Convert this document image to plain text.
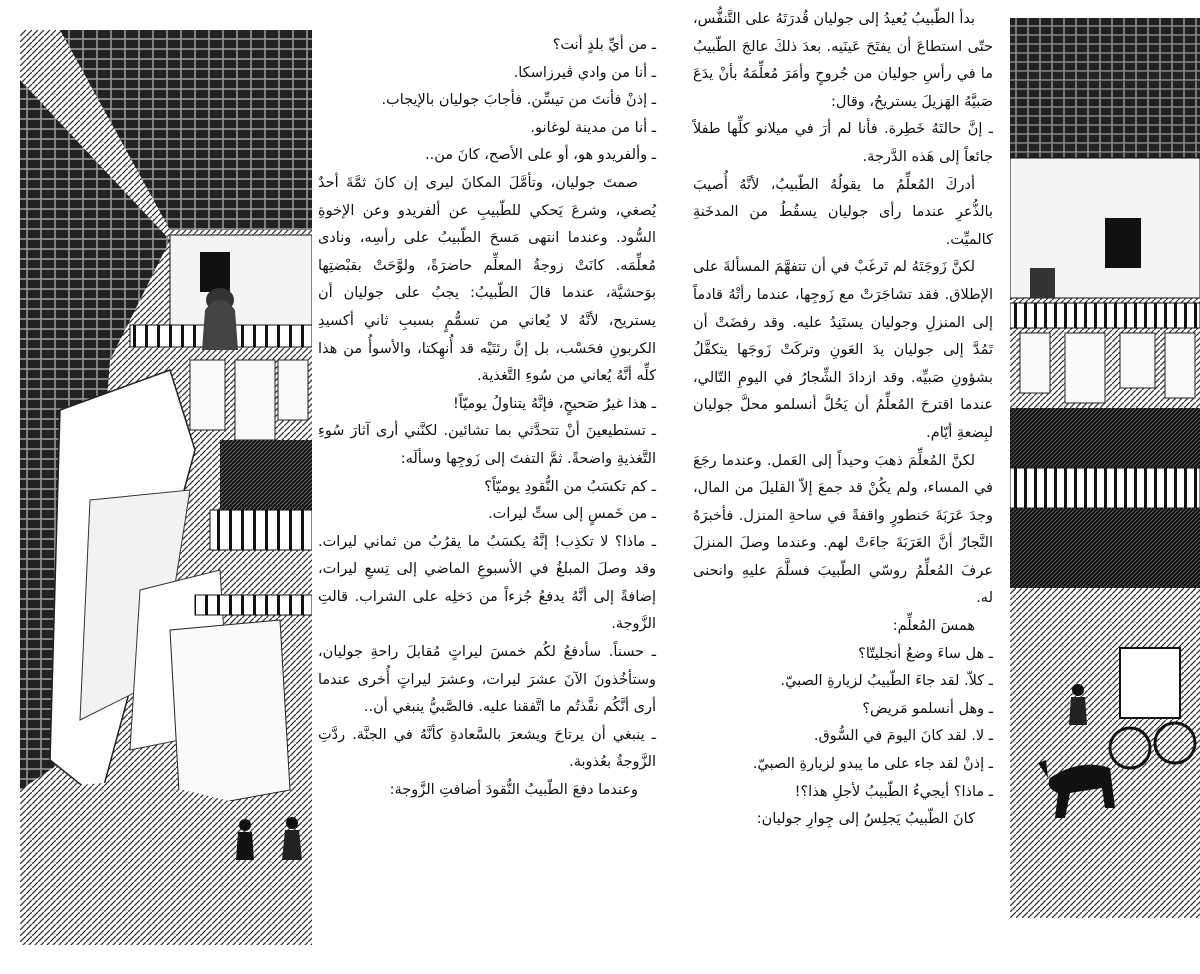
ـ من أيِّ بلدٍ أنت؟

ـ أنا من وادي ڤيرزاسكا.

ـ إذنْ فأنتَ من تيسِّن. فأجابَ جوليان بالإيجاب.

ـ أنا من مدينة لوغانو.

ـ وألفريدو هو، أو على الأصح، كانَ من..

صمتَ جوليان، وتأمَّلَ المكانَ ليرى إن كانَ ثمَّةَ أحدٌ يُصغي، وشرعَ يَحكي للطّبيبِ عن ألفريدو وعن الإخوةِ السُّود. وعندما انتهى مَسحَ الطّبيبُ على رأسِه، ونادى مُعلِّمَه. كانَتْ زوجةُ المعلِّم حاضرَةً، ولوَّحَتْ بقبْضتِها بوَحشيَّة، عندما قالَ الطّبيبُ: يجبُ على جوليان أن يستريح، لأنَّهُ لا يُعاني من تسمُّمٍ بسببِ ثاني أكسيدِ الكربونِ فحَسْب، بل إنَّ رئتَيْه قد أُنهِكتا، والأسوأُ من هذا كلِّه أنَّهُ يُعاني من سُوءِ التَّغذية.

ـ هذا غيرُ صَحيحٍ، فإنَّهُ يتناولُ يوميّاً!

ـ تستطيعينَ أنْ تتحدَّثي بما تشائين. لكنَّني أرى آثارَ سُوءِ التَّغذيةِ واضحةً. ثمَّ التفتَ إلى زَوجِها وسألَه:

ـ كم تكسَبُ من النُّقودِ يوميّاً؟

ـ من خَمسٍ إلى ستِّ ليرات.

ـ ماذا؟ لا تكذِب! إنَّهُ يكسَبُ ما يقرُبُ من ثماني ليرات. وقد وصلَ المبلغُ في الأسبوعِ الماضي إلى تِسعِ ليرات، إضافةً إلى أنَّهُ يدفعُ جُزءاً من دَخلِه على الشراب. قالتِ الزَّوجة.

ـ حسناً. سأدفعُ لكُم خمسَ ليراتٍ مُقابلَ راحةِ جوليان، وستأخُذونَ الآنَ عشرَ ليرات، وعشرَ ليراتٍ أُخرى عندما أرى أنَّكُم نفَّذتُم ما اتَّفقنا عليه. فالصَّبيُّ ينبغي أن..

ـ ينبغي أن يرتاحَ ويشعرَ بالسَّعادةِ كأنَّهُ في الجنَّة. ردَّتِ الزَّوجةُ بعُذوبة.

وعندما دفعَ الطّبيبُ النُّقودَ أضافتِ الزَّوجة:

بدأ الطّبيبُ يُعيدُ إلى جوليان قُدرَتَهُ على التَّنفُّس، حتّى استطاعَ أن يفتَحَ عَينَيه. بعدَ ذلكَ عالجَ الطّبيبُ ما في رأسِ جوليان من جُروحٍ وأمَرَ مُعلِّمَهُ بأنْ يدَعَ صَبيَّهُ الهَزيلَ يستريحُ، وقال:

ـ إنَّ حالتَهُ خَطِرة. فأنا لم أرَ في ميلانو كلِّها طفلاً جائعاً إلى هَذه الدَّرجة.

أدركَ المُعلِّمُ ما يقولُهُ الطّبيبُ، لأنَّهُ أُصيبَ بالذُّعرِ عندما رأى جوليان يسقُطُ من المدخَنةِ كالميِّت.

لكنَّ زَوجَتَهُ لم تَرغَبْ في أن تتفهَّمَ المسألةَ على الإطلاق. فقد تشاجَرَتْ مع زَوجِها، عندما رأتْهُ قادماً إلى المنزلِ وجوليان يستَنِدُ عليه. وقد رفضَتْ أن تَمُدَّ إلى جوليان يدَ العَونِ وتركَتْ زَوجَها يتكفَّلُ بشؤونِ صَبيِّه. وقد ازدادَ الشِّجارُ في اليومِ التّالي، عندما اقترحَ المُعلِّمُ أن يَحُلَّ أنسلمو محلَّ جوليان لبِضعةِ أيّام.

لكنَّ المُعلِّمَ ذهبَ وحيداً إلى العَمل. وعندما رجَعَ في المساء، ولم يكُنْ قد جمعَ إلاّ القليلَ من المال، وجدَ عَرَبَةَ حَنطورٍ واقفةً في ساحةِ المنزل. فأخبرَهُ النَّجارُ أنَّ العَرَبَةَ جاءَتْ لهم. وعندما وصلَ المنزلَ عرفَ المُعلِّمُ روسّي الطّبيبَ فسلَّمَ عليهِ وانحنى له.

همسَ المُعلِّم:

ـ هل ساءَ وضعُ أنجليتّا؟

ـ كلاّ. لقد جاءَ الطّبيبُ لزيارةِ الصبيّ.

ـ وهل أنسلمو مَريض؟

ـ لا. لقد كانَ اليومَ في السُّوق.

ـ إذنْ لقد جاء على ما يبدو لزيارةِ الصبيّ.

ـ ماذا؟ أيجيءُ الطّبيبُ لأجلِ هذا؟!

كانَ الطّبيبُ يَجلِسُ إلى جِوارِ جوليان:
